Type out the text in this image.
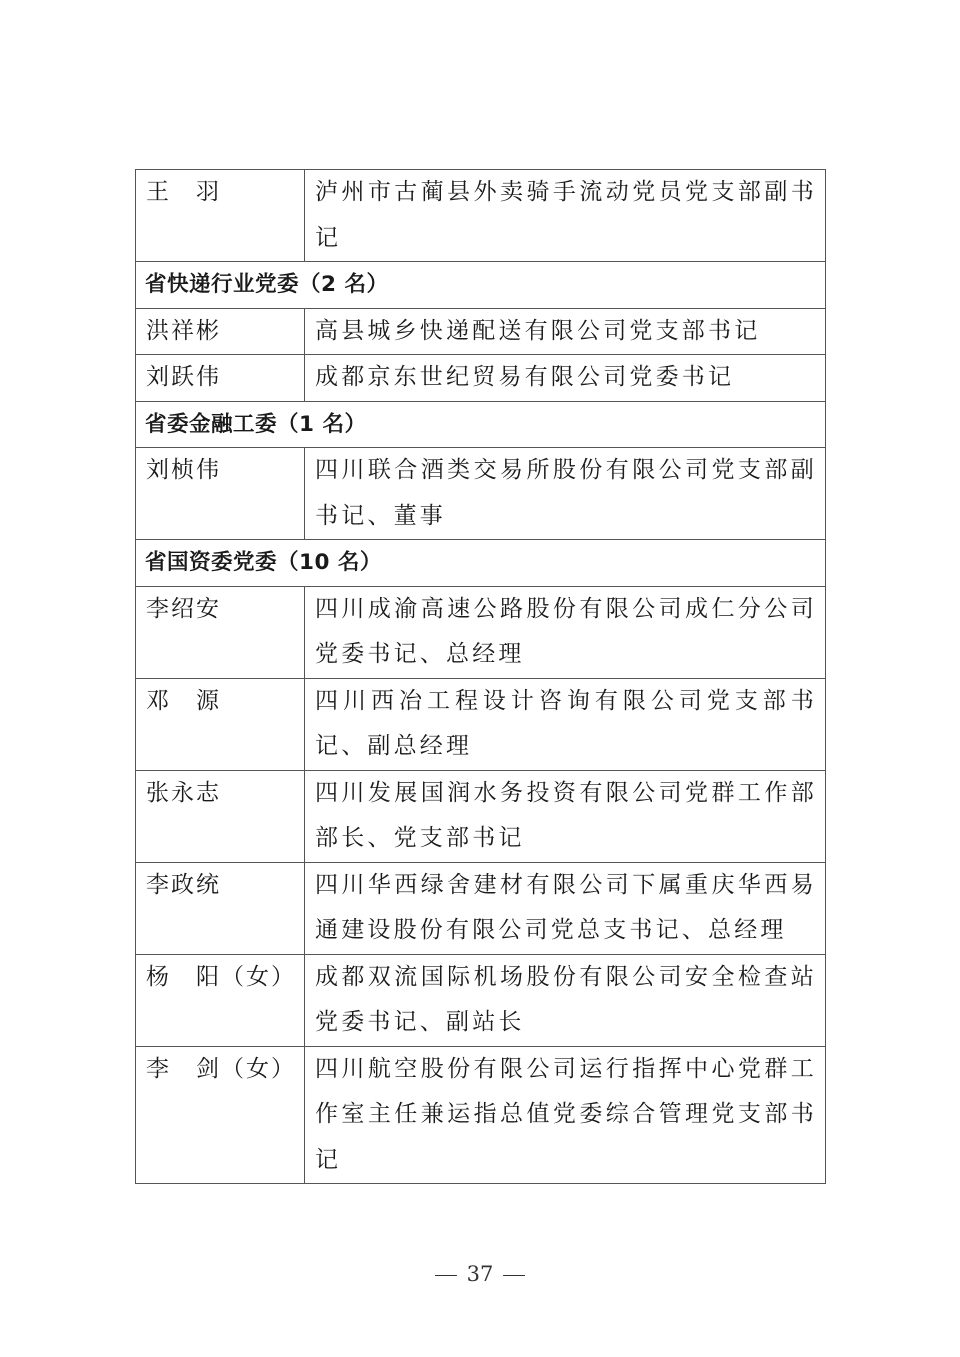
王　羽	泸州市古蔺县外卖骑手流动党员党支部副书记
省快递行业党委（2 名）	
洪祥彬	高县城乡快递配送有限公司党支部书记
刘跃伟	成都京东世纪贸易有限公司党委书记
省委金融工委（1 名）	
刘桢伟	四川联合酒类交易所股份有限公司党支部副书记、董事
省国资委党委（10 名）	
李绍安	四川成渝高速公路股份有限公司成仁分公司党委书记、总经理
邓　源	四川西冶工程设计咨询有限公司党支部书记、副总经理
张永志	四川发展国润水务投资有限公司党群工作部部长、党支部书记
李政统	四川华西绿舍建材有限公司下属重庆华西易通建设股份有限公司党总支书记、总经理
杨　阳（女）	成都双流国际机场股份有限公司安全检查站党委书记、副站长
李　剑（女）	四川航空股份有限公司运行指挥中心党群工作室主任兼运指总值党委综合管理党支部书记
37
